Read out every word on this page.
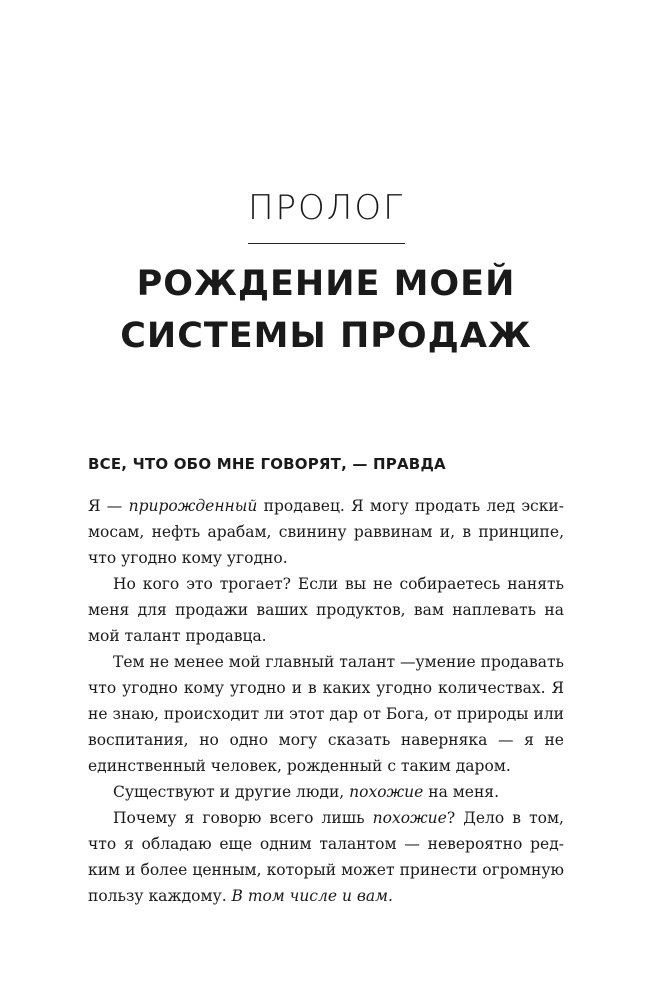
ПРОЛОГ
РОЖДЕНИЕ МОЕЙ
СИСТЕМЫ ПРОДАЖ
ВСЕ, ЧТО ОБО МНЕ ГОВОРЯТ, — ПРАВДА

Я — прирожденный продавец. Я могу продать лед эскимосам, нефть арабам, свинину раввинам и, в принципе, что угодно кому угодно.

Но кого это трогает? Если вы не собираетесь нанять меня для продажи ваших продуктов, вам наплевать на мой талант продавца.

Тем не менее мой главный талант —умение продавать что угодно кому угодно и в каких угодно количествах. Я не знаю, происходит ли этот дар от Бога, от природы или воспитания, но одно могу сказать наверняка — я не единственный человек, рожденный с таким даром.

Существуют и другие люди, похожие на меня.

Почему я говорю всего лишь похожие? Дело в том, что я обладаю еще одним талантом — невероятно редким и более ценным, который может принести огромную пользу каждому. В том числе и вам.
